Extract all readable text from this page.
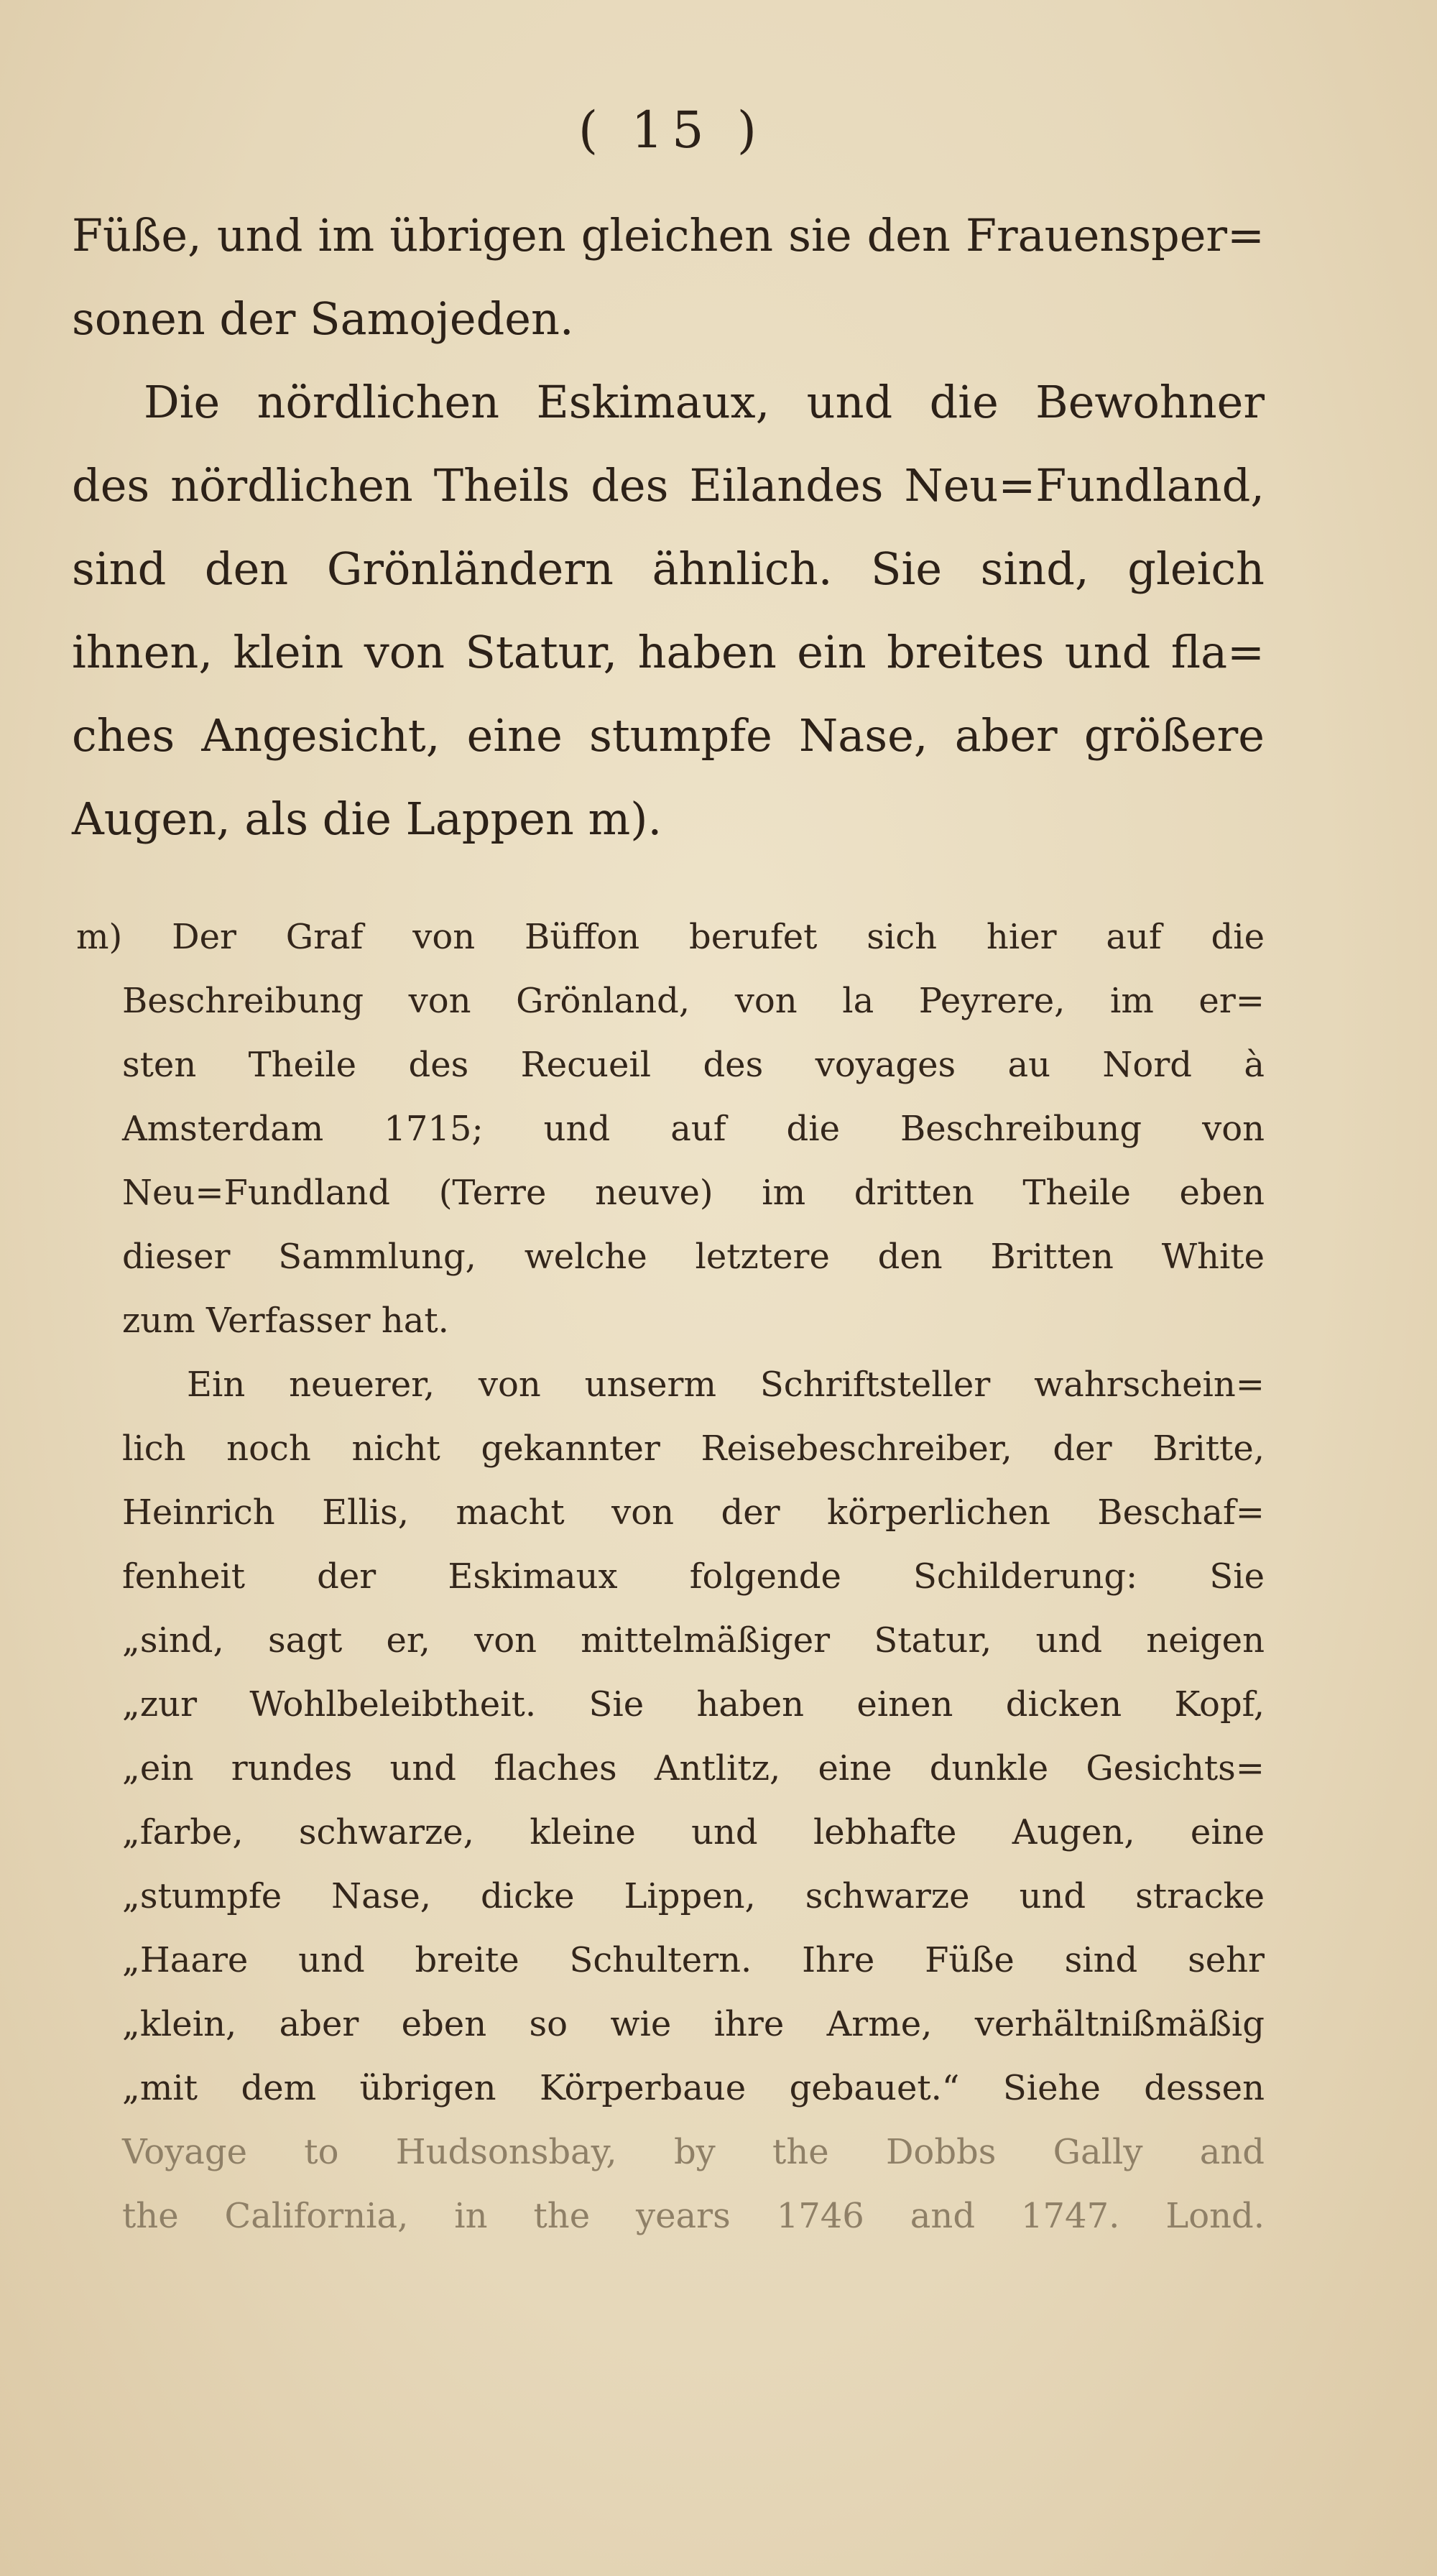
( 15 )
Füße, und im übrigen gleichen sie den Frauensper=
sonen der Samojeden.
Die nördlichen Eskimaux, und die Bewohner
des nördlichen Theils des Eilandes Neu=Fundland,
sind den Grönländern ähnlich. Sie sind, gleich
ihnen, klein von Statur, haben ein breites und fla=
ches Angesicht, eine stumpfe Nase, aber größere
Augen, als die Lappen m).
m) Der Graf von Büffon berufet sich hier auf die
Beschreibung von Grönland, von la Peyrere, im er=
sten Theile des Recueil des voyages au Nord à
Amsterdam 1715; und auf die Beschreibung von
Neu=Fundland (Terre neuve) im dritten Theile eben
dieser Sammlung, welche letztere den Britten White
zum Verfasser hat.
Ein neuerer, von unserm Schriftsteller wahrschein=
lich noch nicht gekannter Reisebeschreiber, der Britte,
Heinrich Ellis, macht von der körperlichen Beschaf=
fenheit der Eskimaux folgende Schilderung: Sie
„sind, sagt er, von mittelmäßiger Statur, und neigen
„zur Wohlbeleibtheit. Sie haben einen dicken Kopf,
„ein rundes und flaches Antlitz, eine dunkle Gesichts=
„farbe, schwarze, kleine und lebhafte Augen, eine
„stumpfe Nase, dicke Lippen, schwarze und stracke
„Haare und breite Schultern. Ihre Füße sind sehr
„klein, aber eben so wie ihre Arme, verhältnißmäßig
„mit dem übrigen Körperbaue gebauet.“ Siehe dessen
Voyage to Hudsonsbay, by the Dobbs Gally and
the California, in the years 1746 and 1747. Lond.
